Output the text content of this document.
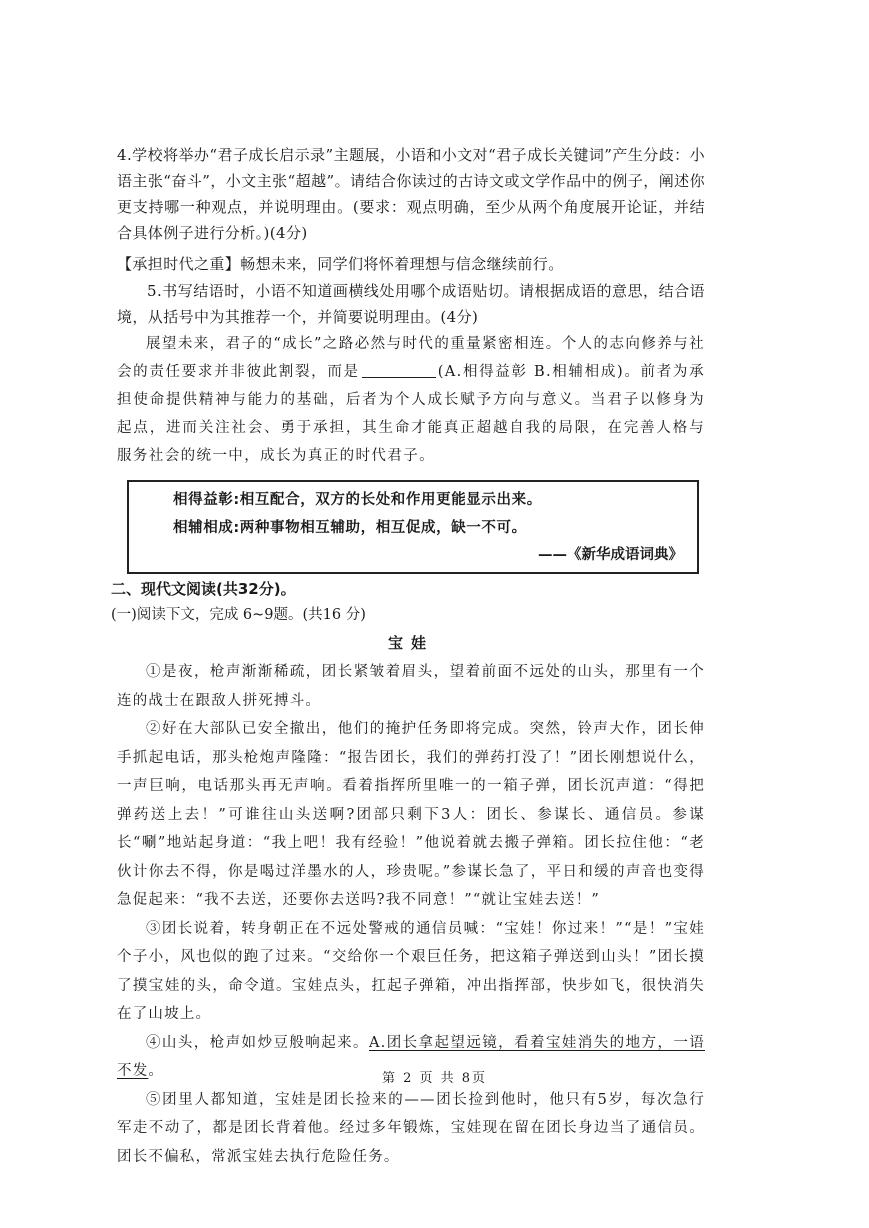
4.学校将举办“君子成长启示录”主题展，小语和小文对“君子成长关键词”产生分歧：小语主张“奋斗”，小文主张“超越”。请结合你读过的古诗文或文学作品中的例子，阐述你更支持哪一种观点，并说明理由。(要求：观点明确，至少从两个角度展开论证，并结合具体例子进行分析。)(4分)

【承担时代之重】畅想未来，同学们将怀着理想与信念继续前行。

5.书写结语时，小语不知道画横线处用哪个成语贴切。请根据成语的意思，结合语境，从括号中为其推荐一个，并简要说明理由。(4分)

展望未来，君子的“成长”之路必然与时代的重量紧密相连。个人的志向修养与社会的责任要求并非彼此割裂，而是	(A.相得益彰 B.相辅相成)。前者为承担使命提供精神与能力的基础，后者为个人成长赋予方向与意义。当君子以修身为起点，进而关注社会、勇于承担，其生命才能真正超越自我的局限，在完善人格与服务社会的统一中，成长为真正的时代君子。

相得益彰:相互配合，双方的长处和作用更能显示出来。
相辅相成:两种事物相互辅助，相互促成，缺一不可。
——《新华成语词典》

二、现代文阅读(共32分)。

(一)阅读下文，完成 6~9题。(共16 分)

宝娃

①是夜，枪声渐渐稀疏，团长紧皱着眉头，望着前面不远处的山头，那里有一个连的战士在跟敌人拼死搏斗。

②好在大部队已安全撤出，他们的掩护任务即将完成。突然，铃声大作，团长伸手抓起电话，那头枪炮声隆隆：“报告团长，我们的弹药打没了！”团长刚想说什么，一声巨响，电话那头再无声响。看着指挥所里唯一的一箱子弹，团长沉声道：“得把弹药送上去！”可谁往山头送啊?团部只剩下3人：团长、参谋长、通信员。参谋长“唰”地站起身道：“我上吧！我有经验！”他说着就去搬子弹箱。团长拉住他：“老伙计你去不得，你是喝过洋墨水的人，珍贵呢。”参谋长急了，平日和缓的声音也变得急促起来：“我不去送，还要你去送吗?我不同意！”“就让宝娃去送！”

③团长说着，转身朝正在不远处警戒的通信员喊：“宝娃！你过来！”“是！”宝娃个子小，风也似的跑了过来。“交给你一个艰巨任务，把这箱子弹送到山头！”团长摸了摸宝娃的头，命令道。宝娃点头，扛起子弹箱，冲出指挥部，快步如飞，很快消失在了山坡上。

④山头，枪声如炒豆般响起来。A.团长拿起望远镜，看着宝娃消失的地方，一语不发。

⑤团里人都知道，宝娃是团长捡来的——团长捡到他时，他只有5岁，每次急行军走不动了，都是团长背着他。经过多年锻炼，宝娃现在留在团长身边当了通信员。团长不偏私，常派宝娃去执行危险任务。

第 2 页 共 8页
